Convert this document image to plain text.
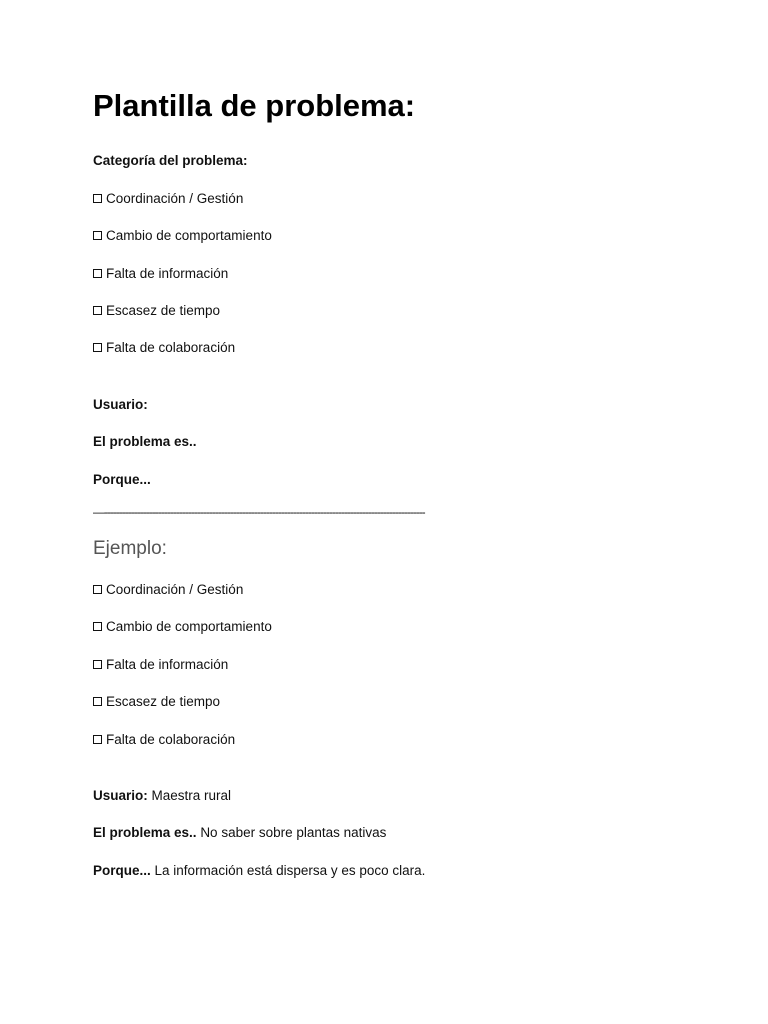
Plantilla de problema:
Categoría del problema:
Coordinación / Gestión
Cambio de comportamiento
Falta de información
Escasez de tiempo
Falta de colaboración
Usuario:
El problema es..
Porque...
—-----------------------------------------------------------------------------------------------------------
Ejemplo:
Coordinación / Gestión
Cambio de comportamiento
Falta de información
Escasez de tiempo
Falta de colaboración
Usuario: Maestra rural
El problema es.. No saber sobre plantas nativas
Porque... La información está dispersa y es poco clara.
